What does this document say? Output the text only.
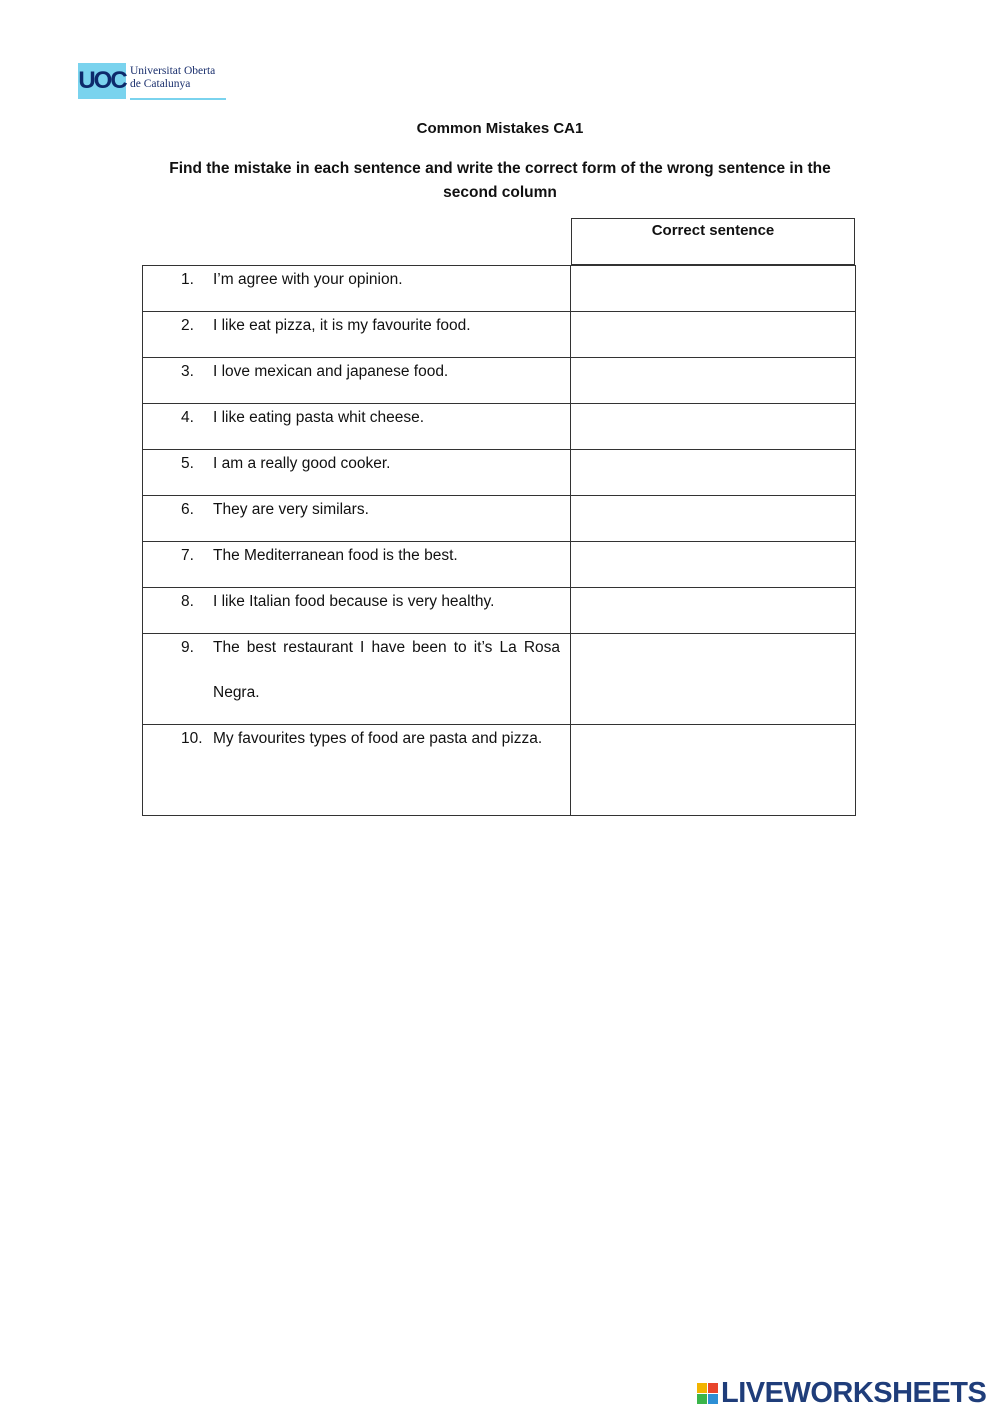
UOC Universitat Oberta
de Catalunya
Common Mistakes CA1
Find the mistake in each sentence and write the correct form of the wrong sentence in the second column
Correct sentence
1. I’m agree with your opinion.
2. I like eat pizza, it is my favourite food.
3. I love mexican and japanese food.
4. I like eating pasta whit cheese.
5. I am a really good cooker.
6. They are very similars.
7. The Mediterranean food is the best.
8. I like Italian food because is very healthy.
9. The best restaurant I have been to it’s La Rosa Negra.
10. My favourites types of food are pasta and pizza.
LIVEWORKSHEETS
